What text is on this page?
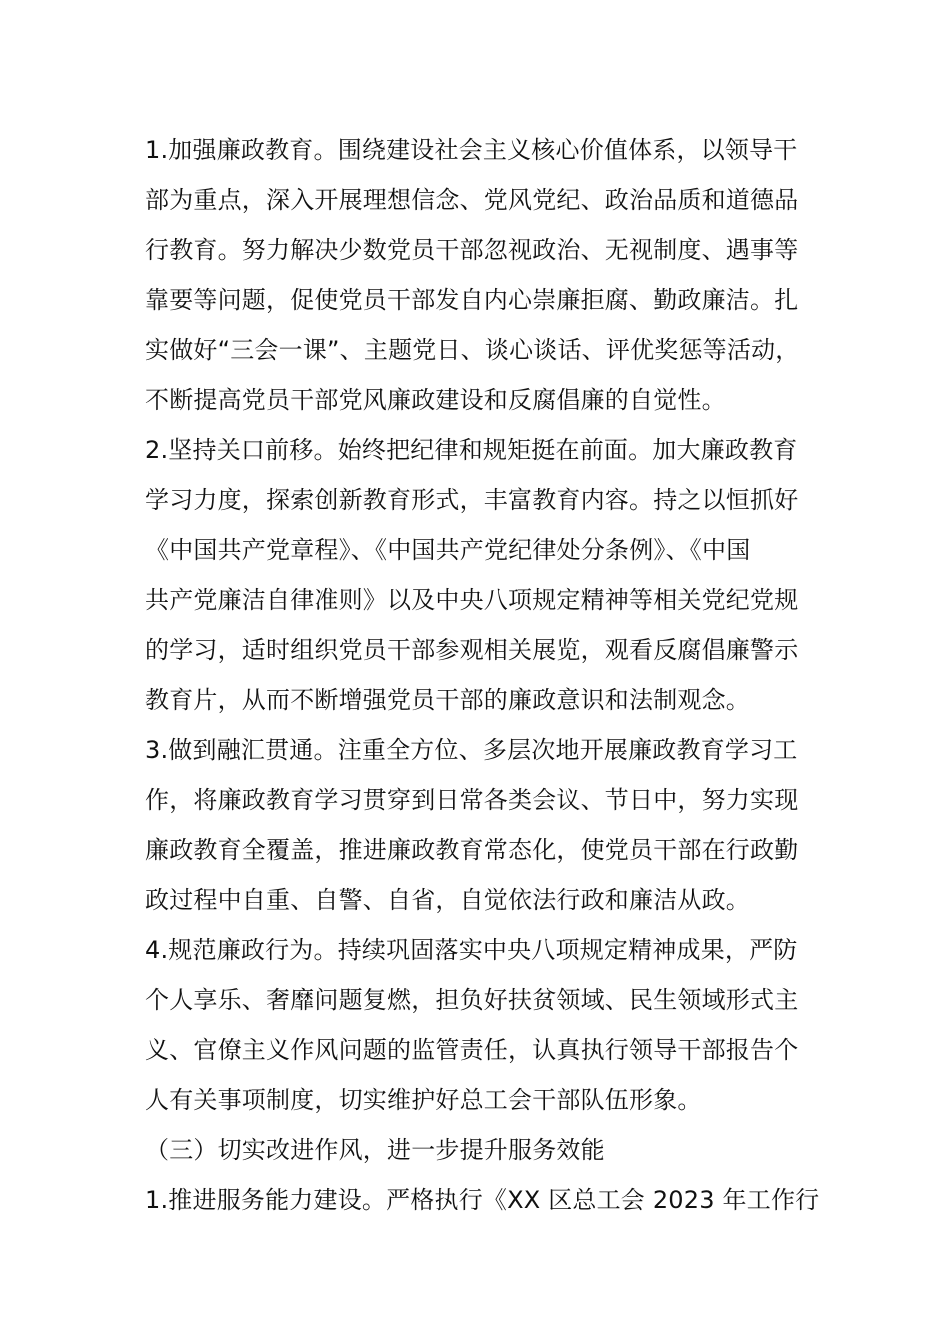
1.加强廉政教育。围绕建设社会主义核心价值体系，以领导干
部为重点，深入开展理想信念、党风党纪、政治品质和道德品
行教育。努力解决少数党员干部忽视政治、无视制度、遇事等
靠要等问题，促使党员干部发自内心崇廉拒腐、勤政廉洁。扎
实做好“三会一课”、主题党日、谈心谈话、评优奖惩等活动，
不断提高党员干部党风廉政建设和反腐倡廉的自觉性。
2.坚持关口前移。始终把纪律和规矩挺在前面。加大廉政教育
学习力度，探索创新教育形式，丰富教育内容。持之以恒抓好
《中国共产党章程》、《中国共产党纪律处分条例》、《中国
共产党廉洁自律准则》以及中央八项规定精神等相关党纪党规
的学习，适时组织党员干部参观相关展览，观看反腐倡廉警示
教育片，从而不断增强党员干部的廉政意识和法制观念。
3.做到融汇贯通。注重全方位、多层次地开展廉政教育学习工
作，将廉政教育学习贯穿到日常各类会议、节日中，努力实现
廉政教育全覆盖，推进廉政教育常态化，使党员干部在行政勤
政过程中自重、自警、自省，自觉依法行政和廉洁从政。
4.规范廉政行为。持续巩固落实中央八项规定精神成果，严防
个人享乐、奢靡问题复燃，担负好扶贫领域、民生领域形式主
义、官僚主义作风问题的监管责任，认真执行领导干部报告个
人有关事项制度，切实维护好总工会干部队伍形象。
（三）切实改进作风，进一步提升服务效能
1.推进服务能力建设。严格执行《XX 区总工会 2023 年工作行
